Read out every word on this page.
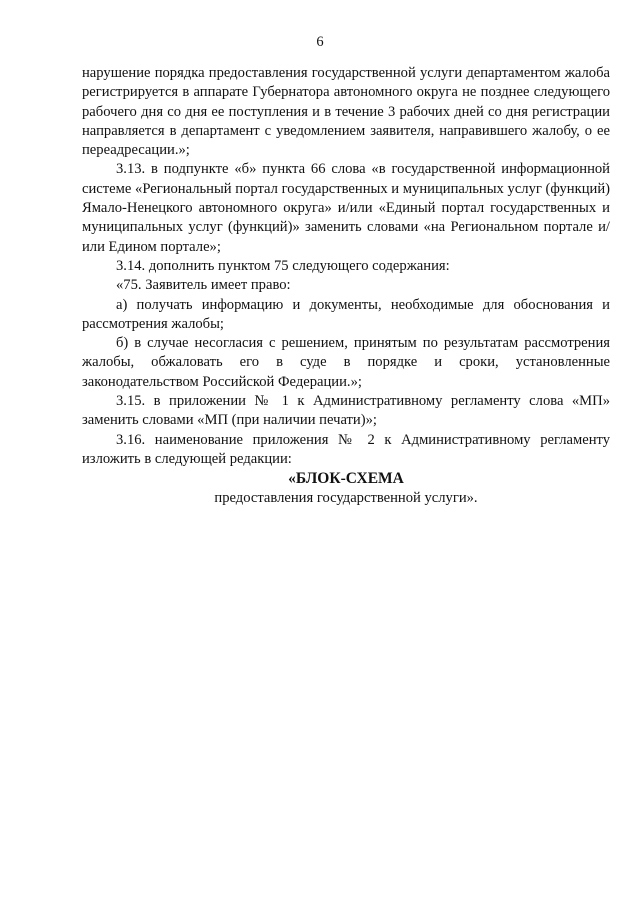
6

нарушение порядка предоставления государственной услуги департаментом жалоба регистрируется в аппарате Губернатора автономного округа не позднее следующего рабочего дня со дня ее поступления и в течение 3 рабочих дней со дня регистрации направляется в департамент с уведомлением заявителя, направившего жалобу, о ее переадресации.»;

3.13. в подпункте «б» пункта 66 слова «в государственной информационной системе «Региональный портал государственных и муниципальных услуг (функций) Ямало-Ненецкого автономного округа» и/или «Единый портал государственных и муниципальных услуг (функций)» заменить словами «на Региональном портале и/или Едином портале»;

3.14. дополнить пунктом 75 следующего содержания:

«75. Заявитель имеет право:

а) получать информацию и документы, необходимые для обоснования и рассмотрения жалобы;

б) в случае несогласия с решением, принятым по результатам рассмотрения жалобы, обжаловать его в суде в порядке и сроки, установленные законодательством Российской Федерации.»;

3.15. в приложении № 1 к Административному регламенту слова «МП» заменить словами «МП (при наличии печати)»;

3.16. наименование приложения № 2 к Административному регламенту изложить в следующей редакции:

«БЛОК-СХЕМА

предоставления государственной услуги».
